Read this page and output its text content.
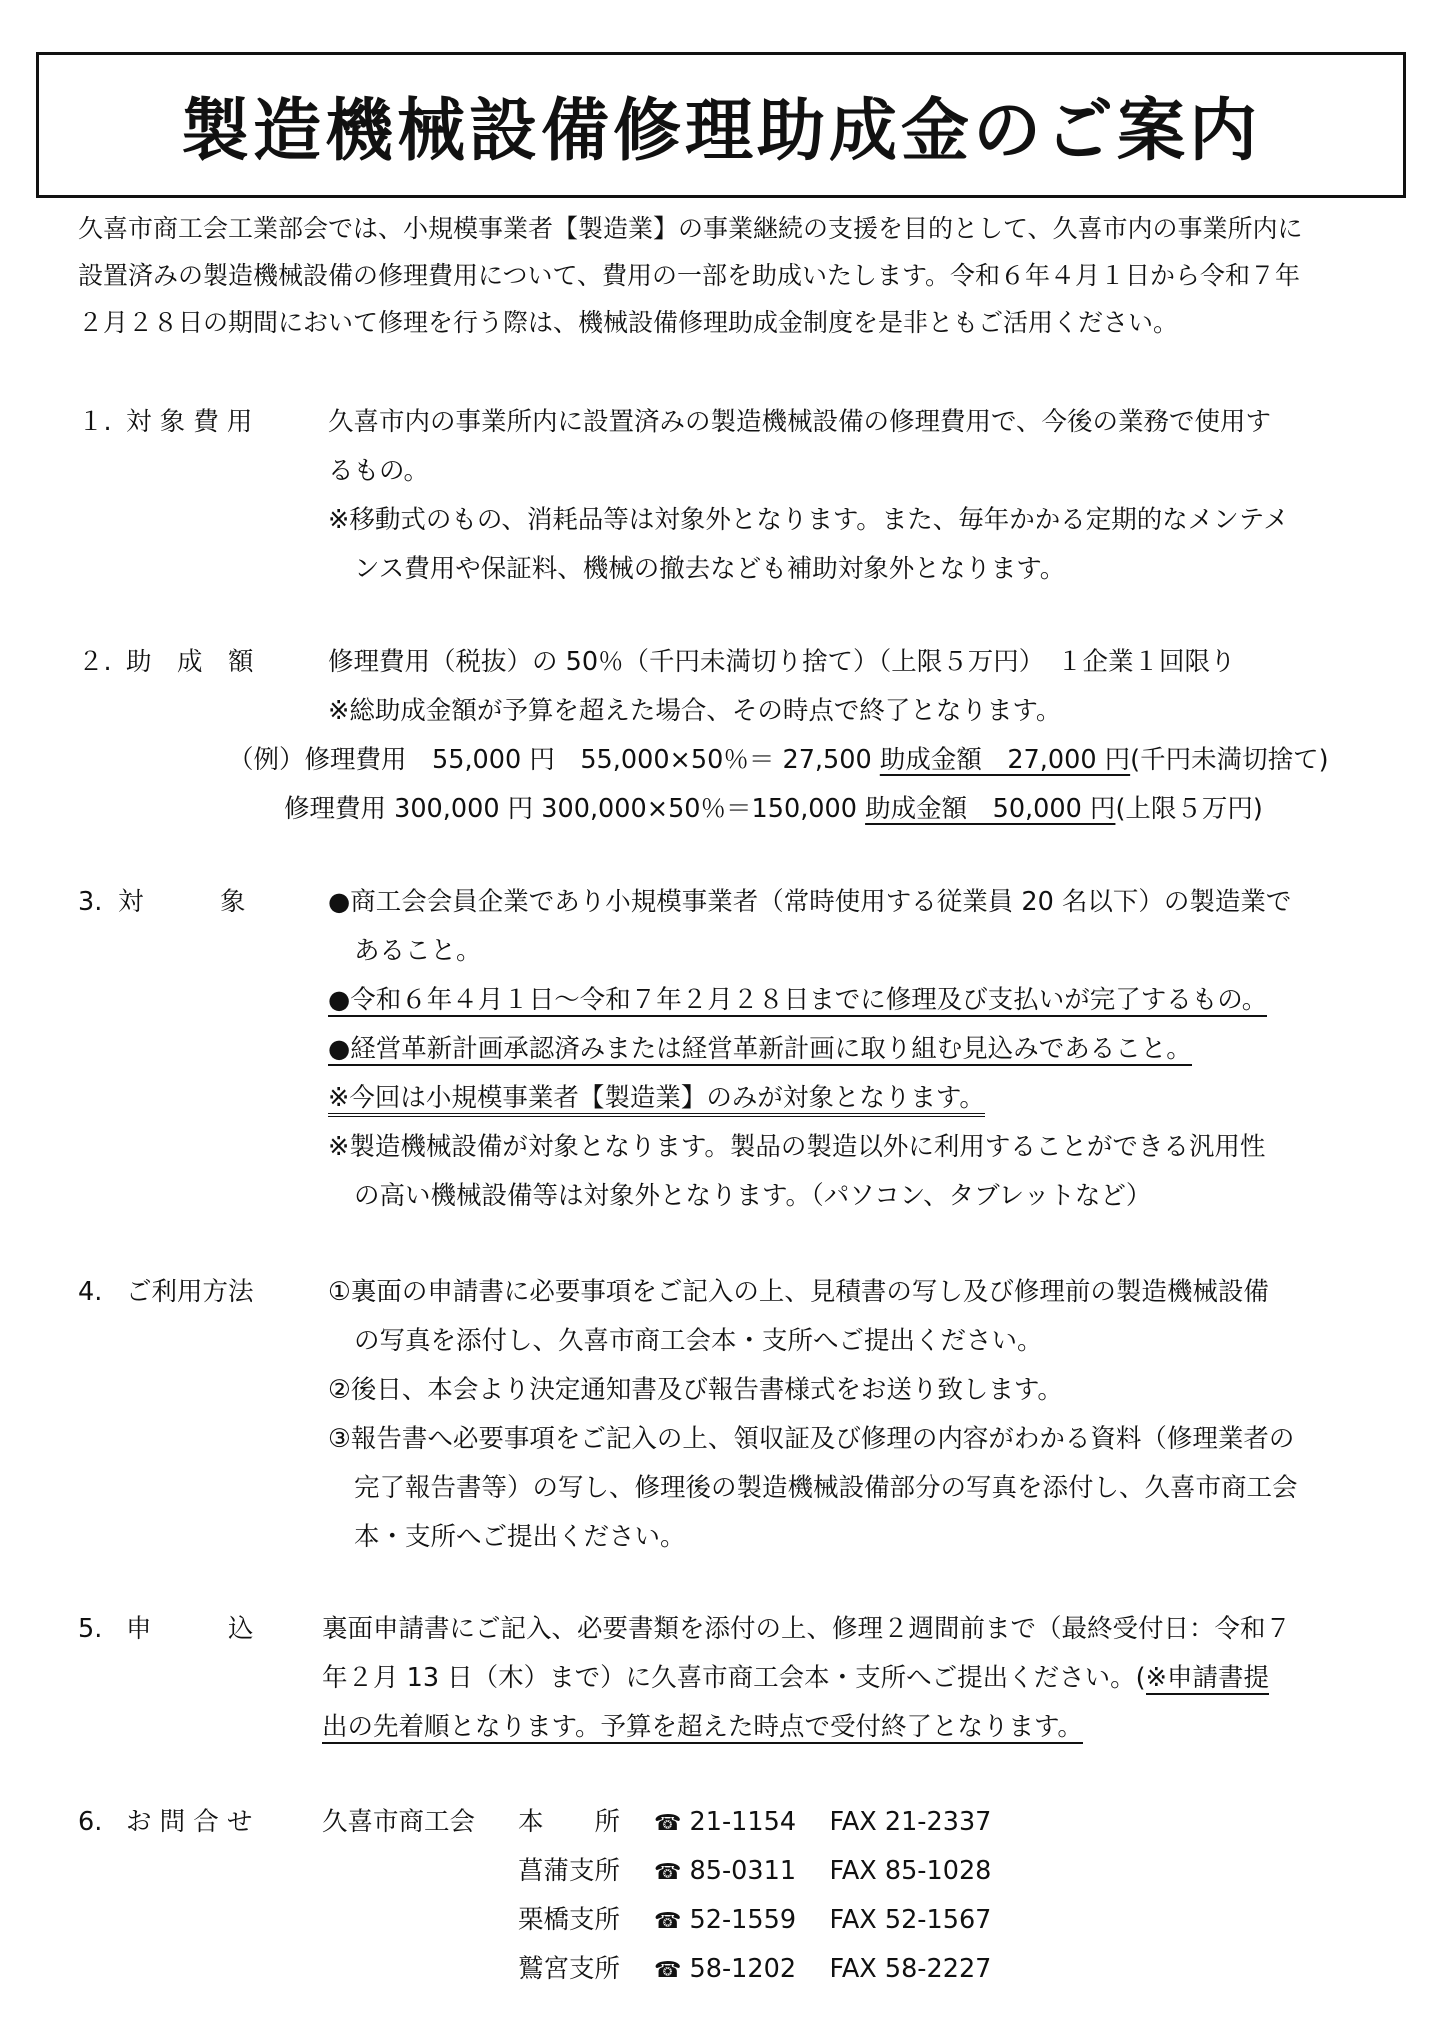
製造機械設備修理助成金のご案内

久喜市商工会工業部会では、小規模事業者【製造業】の事業継続の支援を目的として、久喜市内の事業所内に

設置済みの製造機械設備の修理費用について、費用の一部を助成いたします。令和６年４月１日から令和７年

２月２８日の期間において修理を行う際は、機械設備修理助成金制度を是非ともご活用ください。

１. 対 象 費 用	久喜市内の事業所内に設置済みの製造機械設備の修理費用で、今後の業務で使用す
るもの。
※移動式のもの、消耗品等は対象外となります。また、毎年かかる定期的なメンテメ
ンス費用や保証料、機械の撤去なども補助対象外となります。
２. 助　成　額	修理費用（税抜）の 50％（千円未満切り捨て）（上限５万円）　１企業１回限り
※総助成金額が予算を超えた場合、その時点で終了となります。
（例）修理費用　55,000 円　55,000×50％＝ 27,500 助成金額　27,000 円(千円未満切捨て)
修理費用 300,000 円 300,000×50％＝150,000 助成金額　50,000 円(上限５万円)
3. 対　　　象	●商工会会員企業であり小規模事業者（常時使用する従業員 20 名以下）の製造業で
あること。
●令和６年４月１日～令和７年２月２８日までに修理及び支払いが完了するもの。
●経営革新計画承認済みまたは経営革新計画に取り組む見込みであること。
※今回は小規模事業者【製造業】のみが対象となります。
※製造機械設備が対象となります。製品の製造以外に利用することができる汎用性
の高い機械設備等は対象外となります。（パソコン、タブレットなど）
4. ご利用方法	①裏面の申請書に必要事項をご記入の上、見積書の写し及び修理前の製造機械設備
の写真を添付し、久喜市商工会本・支所へご提出ください。
②後日、本会より決定通知書及び報告書様式をお送り致します。
③報告書へ必要事項をご記入の上、領収証及び修理の内容がわかる資料（修理業者の
完了報告書等）の写し、修理後の製造機械設備部分の写真を添付し、久喜市商工会
本・支所へご提出ください。
5. 申　　　込	裏面申請書にご記入、必要書類を添付の上、修理２週間前まで（最終受付日：令和７
年２月 13 日（木）まで）に久喜市商工会本・支所へご提出ください。(※申請書提
出の先着順となります。予算を超えた時点で受付終了となります。
6. お 問 合 せ	久喜市商工会 本　　所 ☎ 21-1154 FAX 21-2337
菖蒲支所 ☎ 85-0311 FAX 85-1028
栗橋支所 ☎ 52-1559 FAX 52-1567
鷲宮支所 ☎ 58-1202 FAX 58-2227
